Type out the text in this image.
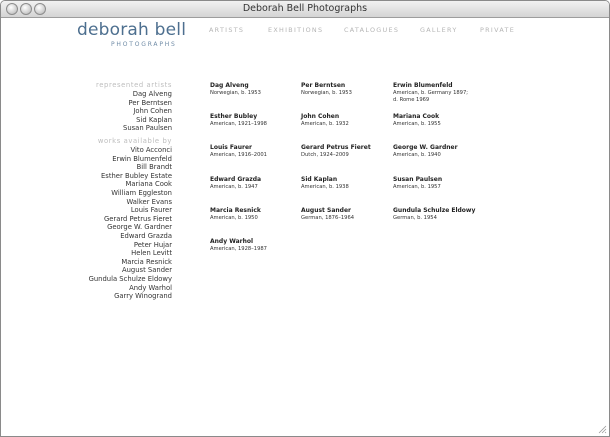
Deborah Bell Photographs
deborah bell
PHOTOGRAPHS
ARTISTS	EXHIBITIONS	CATALOGUES	GALLERY	PRIVATE
represented artists
Dag Alveng
Per Berntsen
John Cohen
Sid Kaplan
Susan Paulsen
works available by
Vito Acconci
Erwin Blumenfeld
Bill Brandt
Esther Bubley Estate
Mariana Cook
William Eggleston
Walker Evans
Louis Faurer
Gerard Petrus Fieret
George W. Gardner
Edward Grazda
Peter Hujar
Helen Levitt
Marcia Resnick
August Sander
Gundula Schulze Eldowy
Andy Warhol
Garry Winogrand
Dag Alveng
Norwegian, b. 1953
Per Berntsen
Norwegian, b. 1953
Erwin Blumenfeld
American, b. Germany 1897;
d. Rome 1969
Esther Bubley
American, 1921–1998
John Cohen
American, b. 1932
Mariana Cook
American, b. 1955
Louis Faurer
American, 1916–2001
Gerard Petrus Fieret
Dutch, 1924–2009
George W. Gardner
American, b. 1940
Edward Grazda
American, b. 1947
Sid Kaplan
American, b. 1938
Susan Paulsen
American, b. 1957
Marcia Resnick
American, b. 1950
August Sander
German, 1876–1964
Gundula Schulze Eldowy
German, b. 1954
Andy Warhol
American, 1928–1987
